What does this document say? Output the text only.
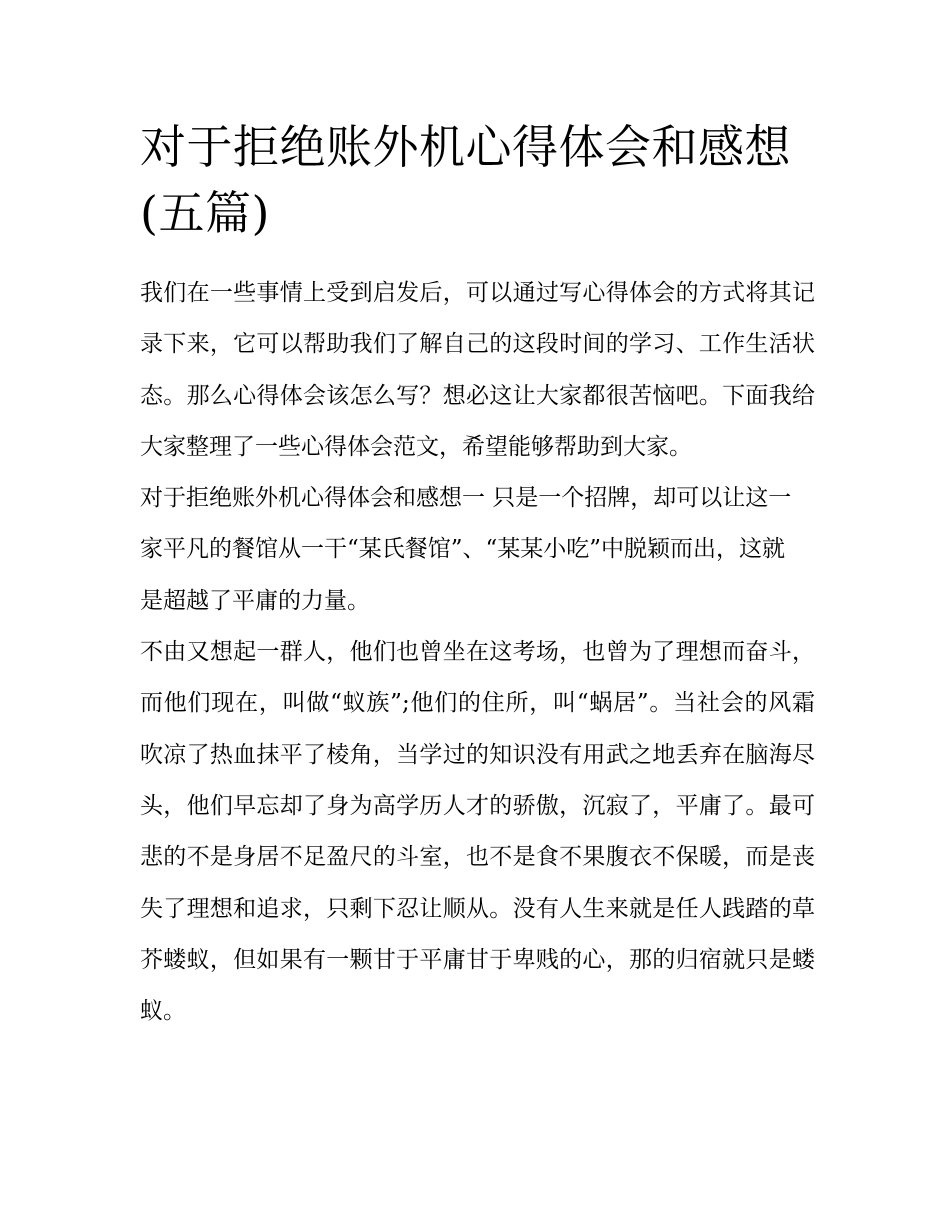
对于拒绝账外机心得体会和感想(五篇)

我们在一些事情上受到启发后，可以通过写心得体会的方式将其记录下来，它可以帮助我们了解自己的这段时间的学习、工作生活状态。那么心得体会该怎么写？想必这让大家都很苦恼吧。下面我给大家整理了一些心得体会范文，希望能够帮助到大家。

对于拒绝账外机心得体会和感想一 只是一个招牌，却可以让这一家平凡的餐馆从一干“某氏餐馆”、“某某小吃”中脱颖而出，这就是超越了平庸的力量。

不由又想起一群人，他们也曾坐在这考场，也曾为了理想而奋斗，而他们现在，叫做“蚁族”;他们的住所，叫“蜗居”。当社会的风霜吹凉了热血抹平了棱角，当学过的知识没有用武之地丢弃在脑海尽头，他们早忘却了身为高学历人才的骄傲，沉寂了，平庸了。最可悲的不是身居不足盈尺的斗室，也不是食不果腹衣不保暖，而是丧失了理想和追求，只剩下忍让顺从。没有人生来就是任人践踏的草芥蝼蚁，但如果有一颗甘于平庸甘于卑贱的心，那的归宿就只是蝼蚁。
